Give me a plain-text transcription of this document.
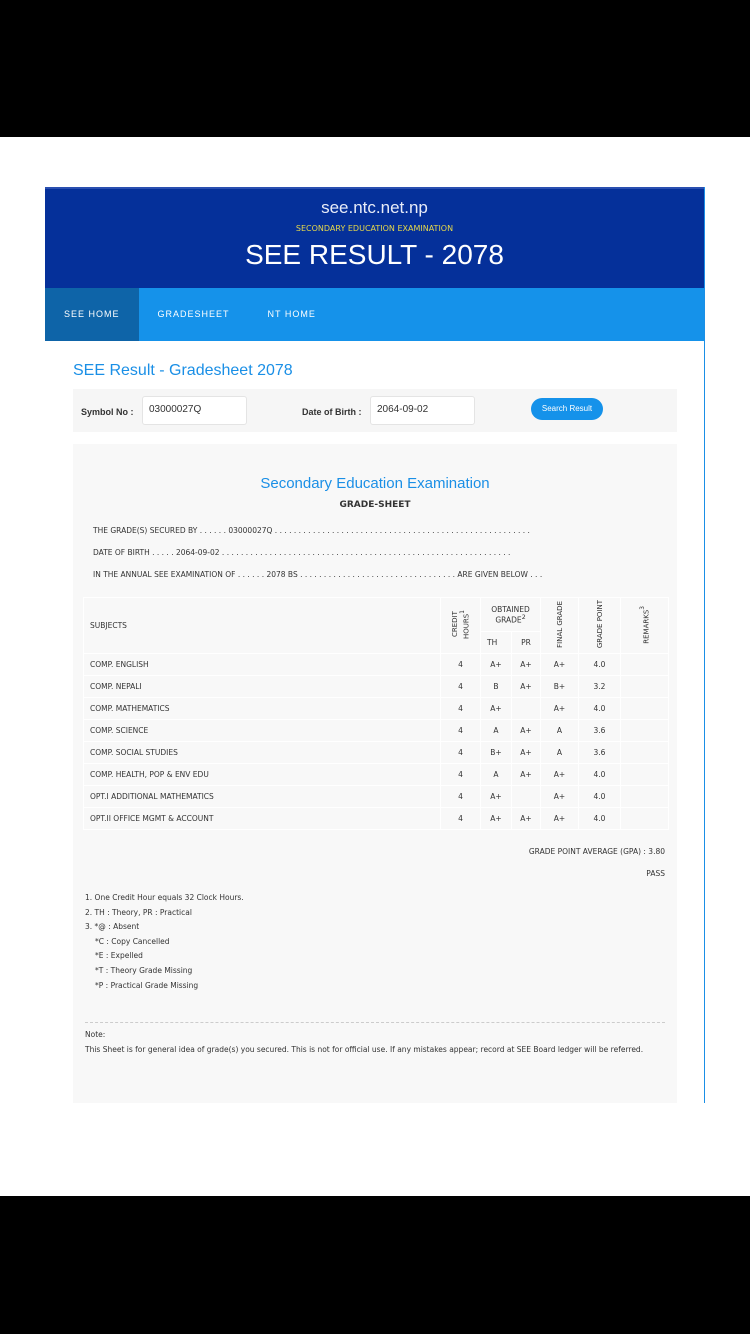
see.ntc.net.np
SECONDARY EDUCATION EXAMINATION
SEE RESULT - 2078
SEE HOME	GRADESHEET	NT HOME
SEE Result - Gradesheet 2078
Symbol No :	03000027Q	Date of Birth :	2064-09-02	Search Result
Secondary Education Examination
GRADE-SHEET
THE GRADE(S) SECURED BY . . . . . . 03000027Q . . . . . . . . . . . . . . . . . . . . . . . . . . . . . . . . . . . . . . . . . . . . . . . . . . . . . .
DATE OF BIRTH . . . . . 2064-09-02 . . . . . . . . . . . . . . . . . . . . . . . . . . . . . . . . . . . . . . . . . . . . . . . . . . . . . . . . . . . . .
IN THE ANNUAL SEE EXAMINATION OF . . . . . . 2078 BS . . . . . . . . . . . . . . . . . . . . . . . . . . . . . . . . . ARE GIVEN BELOW . . .
SUBJECTS	CREDIT HOURS$^1$	OBTAINED GRADE$^2$		FINAL GRADE	GRADE POINT	REMARKS$^3$
		TH	PR			
COMP. ENGLISH	4	A+	A+	A+	4.0	
COMP. NEPALI	4	B	A+	B+	3.2	
COMP. MATHEMATICS	4	A+		A+	4.0	
COMP. SCIENCE	4	A	A+	A	3.6	
COMP. SOCIAL STUDIES	4	B+	A+	A	3.6	
COMP. HEALTH, POP & ENV EDU	4	A	A+	A+	4.0	
OPT.I ADDITIONAL MATHEMATICS	4	A+		A+	4.0	
OPT.II OFFICE MGMT & ACCOUNT	4	A+	A+	A+	4.0	
GRADE POINT AVERAGE (GPA) : 3.80
PASS
1. One Credit Hour equals 32 Clock Hours.
2. TH : Theory, PR : Practical
3. *@ : Absent
*C : Copy Cancelled
*E : Expelled
*T : Theory Grade Missing
*P : Practical Grade Missing
Note:
This Sheet is for general idea of grade(s) you secured. This is not for official use. If any mistakes appear; record at SEE Board ledger will be referred.
